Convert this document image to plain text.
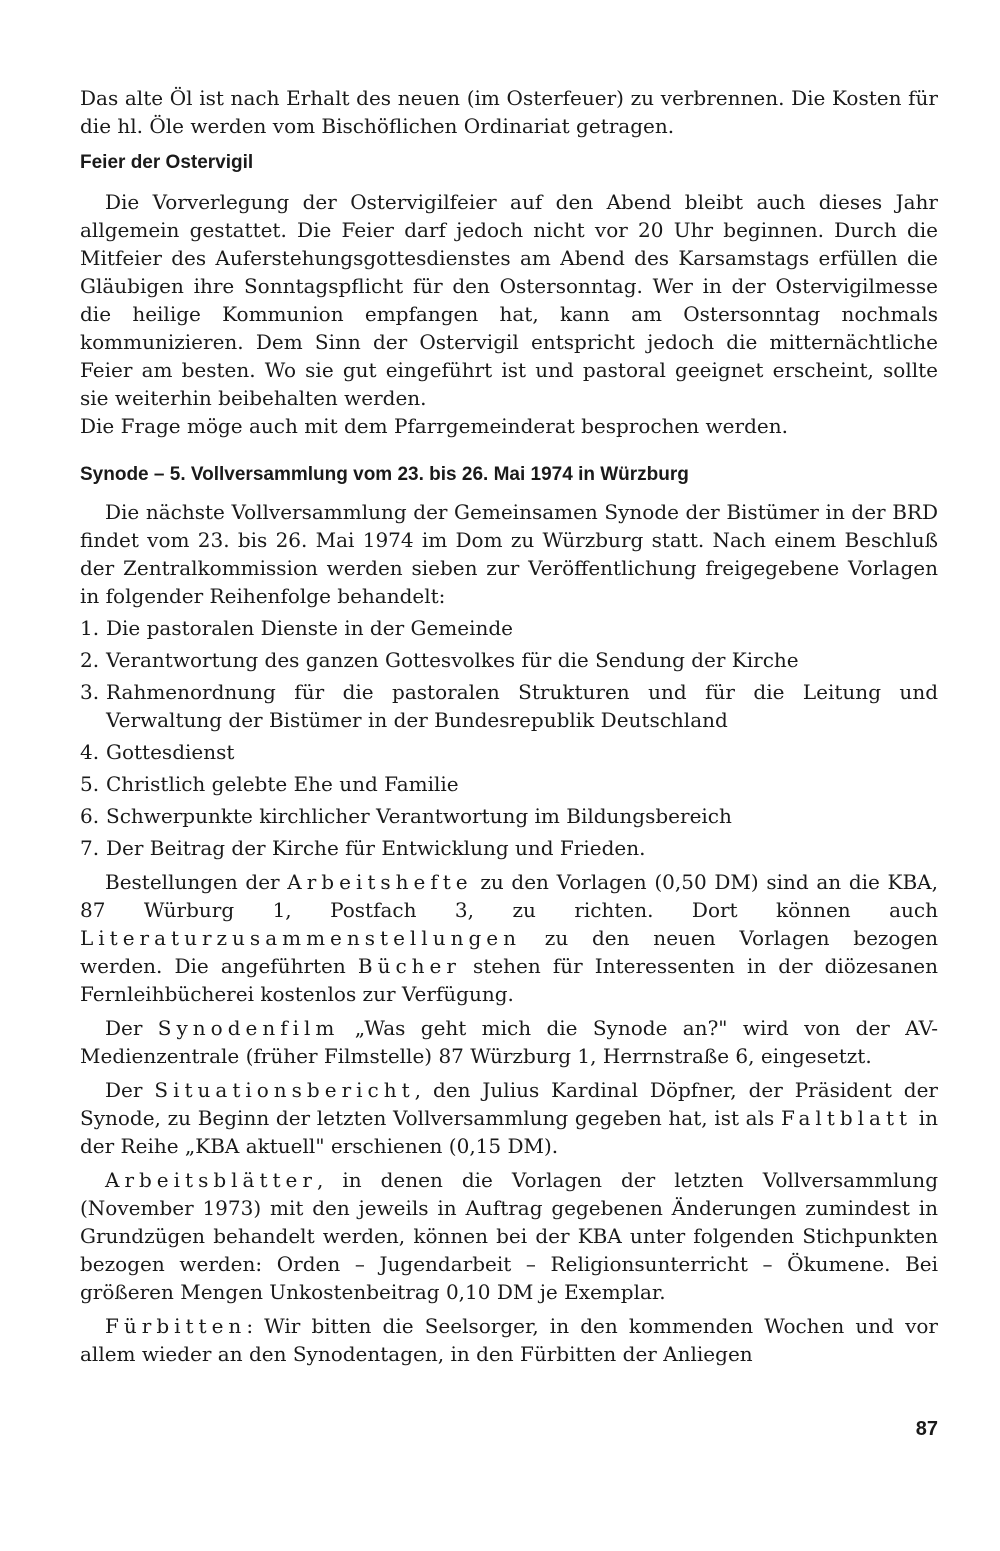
Das alte Öl ist nach Erhalt des neuen (im Osterfeuer) zu verbrennen. Die Kosten für die hl. Öle werden vom Bischöflichen Ordinariat getragen.

Feier der Ostervigil

Die Vorverlegung der Ostervigilfeier auf den Abend bleibt auch dieses Jahr allgemein gestattet. Die Feier darf jedoch nicht vor 20 Uhr beginnen. Durch die Mitfeier des Auferstehungsgottesdienstes am Abend des Karsamstags erfüllen die Gläubigen ihre Sonntagspflicht für den Ostersonntag. Wer in der Ostervigilmesse die heilige Kommunion empfangen hat, kann am Ostersonntag nochmals kommunizieren. Dem Sinn der Ostervigil entspricht jedoch die mitternächtliche Feier am besten. Wo sie gut eingeführt ist und pastoral geeignet erscheint, sollte sie weiterhin beibehalten werden.

Die Frage möge auch mit dem Pfarrgemeinderat besprochen werden.

Synode – 5. Vollversammlung vom 23. bis 26. Mai 1974 in Würzburg

Die nächste Vollversammlung der Gemeinsamen Synode der Bistümer in der BRD findet vom 23. bis 26. Mai 1974 im Dom zu Würzburg statt. Nach einem Beschluß der Zentralkommission werden sieben zur Veröffentlichung freigegebene Vorlagen in folgender Reihenfolge behandelt:

1. Die pastoralen Dienste in der Gemeinde
2. Verantwortung des ganzen Gottesvolkes für die Sendung der Kirche
3. Rahmenordnung für die pastoralen Strukturen und für die Leitung und Verwaltung der Bistümer in der Bundesrepublik Deutschland
4. Gottesdienst
5. Christlich gelebte Ehe und Familie
6. Schwerpunkte kirchlicher Verantwortung im Bildungsbereich
7. Der Beitrag der Kirche für Entwicklung und Frieden.

Bestellungen der Arbeitshefte zu den Vorlagen (0,50 DM) sind an die KBA, 87 Würburg 1, Postfach 3, zu richten. Dort können auch Literaturzusammenstellungen zu den neuen Vorlagen bezogen werden. Die angeführten Bücher stehen für Interessenten in der diözesanen Fernleihbücherei kostenlos zur Verfügung.

Der Synodenfilm „Was geht mich die Synode an?" wird von der AV-Medienzentrale (früher Filmstelle) 87 Würzburg 1, Herrnstraße 6, eingesetzt.

Der Situationsbericht, den Julius Kardinal Döpfner, der Präsident der Synode, zu Beginn der letzten Vollversammlung gegeben hat, ist als Faltblatt in der Reihe „KBA aktuell" erschienen (0,15 DM).

Arbeitsblätter, in denen die Vorlagen der letzten Vollversammlung (November 1973) mit den jeweils in Auftrag gegebenen Änderungen zumindest in Grundzügen behandelt werden, können bei der KBA unter folgenden Stichpunkten bezogen werden: Orden – Jugendarbeit – Religionsunterricht – Ökumene. Bei größeren Mengen Unkostenbeitrag 0,10 DM je Exemplar.

Fürbitten: Wir bitten die Seelsorger, in den kommenden Wochen und vor allem wieder an den Synodentagen, in den Fürbitten der Anliegen

87
